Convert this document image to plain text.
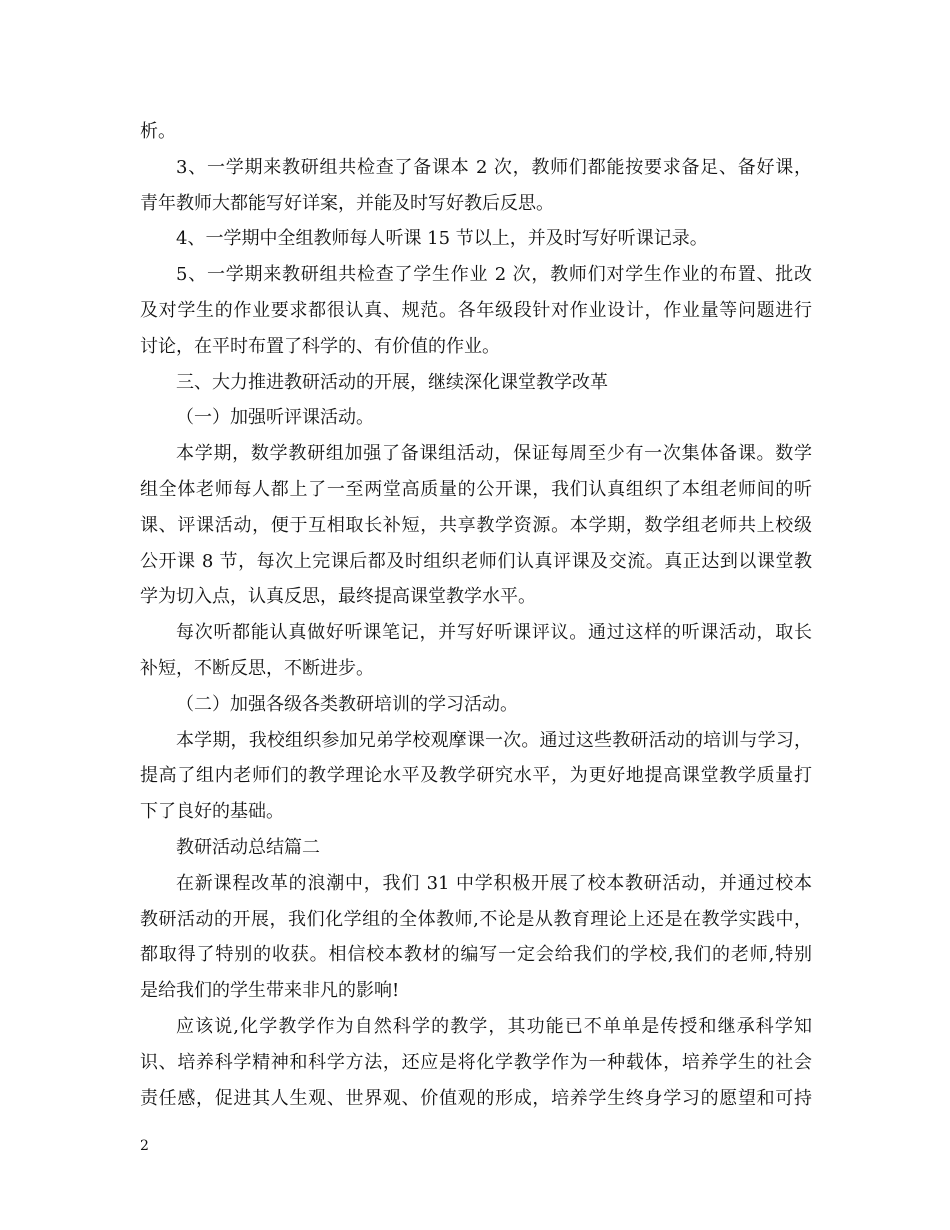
析。
3、一学期来教研组共检查了备课本 2 次，教师们都能按要求备足、备好课，
青年教师大都能写好详案，并能及时写好教后反思。
4、一学期中全组教师每人听课 15 节以上，并及时写好听课记录。
5、一学期来教研组共检查了学生作业 2 次，教师们对学生作业的布置、批改
及对学生的作业要求都很认真、规范。各年级段针对作业设计，作业量等问题进行
讨论，在平时布置了科学的、有价值的作业。
三、大力推进教研活动的开展，继续深化课堂教学改革
（一）加强听评课活动。
本学期，数学教研组加强了备课组活动，保证每周至少有一次集体备课。数学
组全体老师每人都上了一至两堂高质量的公开课，我们认真组织了本组老师间的听
课、评课活动，便于互相取长补短，共享教学资源。本学期，数学组老师共上校级
公开课 8 节，每次上完课后都及时组织老师们认真评课及交流。真正达到以课堂教
学为切入点，认真反思，最终提高课堂教学水平。
每次听都能认真做好听课笔记，并写好听课评议。通过这样的听课活动，取长
补短，不断反思，不断进步。
（二）加强各级各类教研培训的学习活动。
本学期，我校组织参加兄弟学校观摩课一次。通过这些教研活动的培训与学习，
提高了组内老师们的教学理论水平及教学研究水平，为更好地提高课堂教学质量打
下了良好的基础。
教研活动总结篇二
在新课程改革的浪潮中，我们 31 中学积极开展了校本教研活动，并通过校本
教研活动的开展，我们化学组的全体教师,不论是从教育理论上还是在教学实践中，
都取得了特别的收获。相信校本教材的编写一定会给我们的学校,我们的老师,特别
是给我们的学生带来非凡的影响!
应该说,化学教学作为自然科学的教学，其功能已不单单是传授和继承科学知
识、培养科学精神和科学方法，还应是将化学教学作为一种载体，培养学生的社会
责任感，促进其人生观、世界观、价值观的形成，培养学生终身学习的愿望和可持
2
